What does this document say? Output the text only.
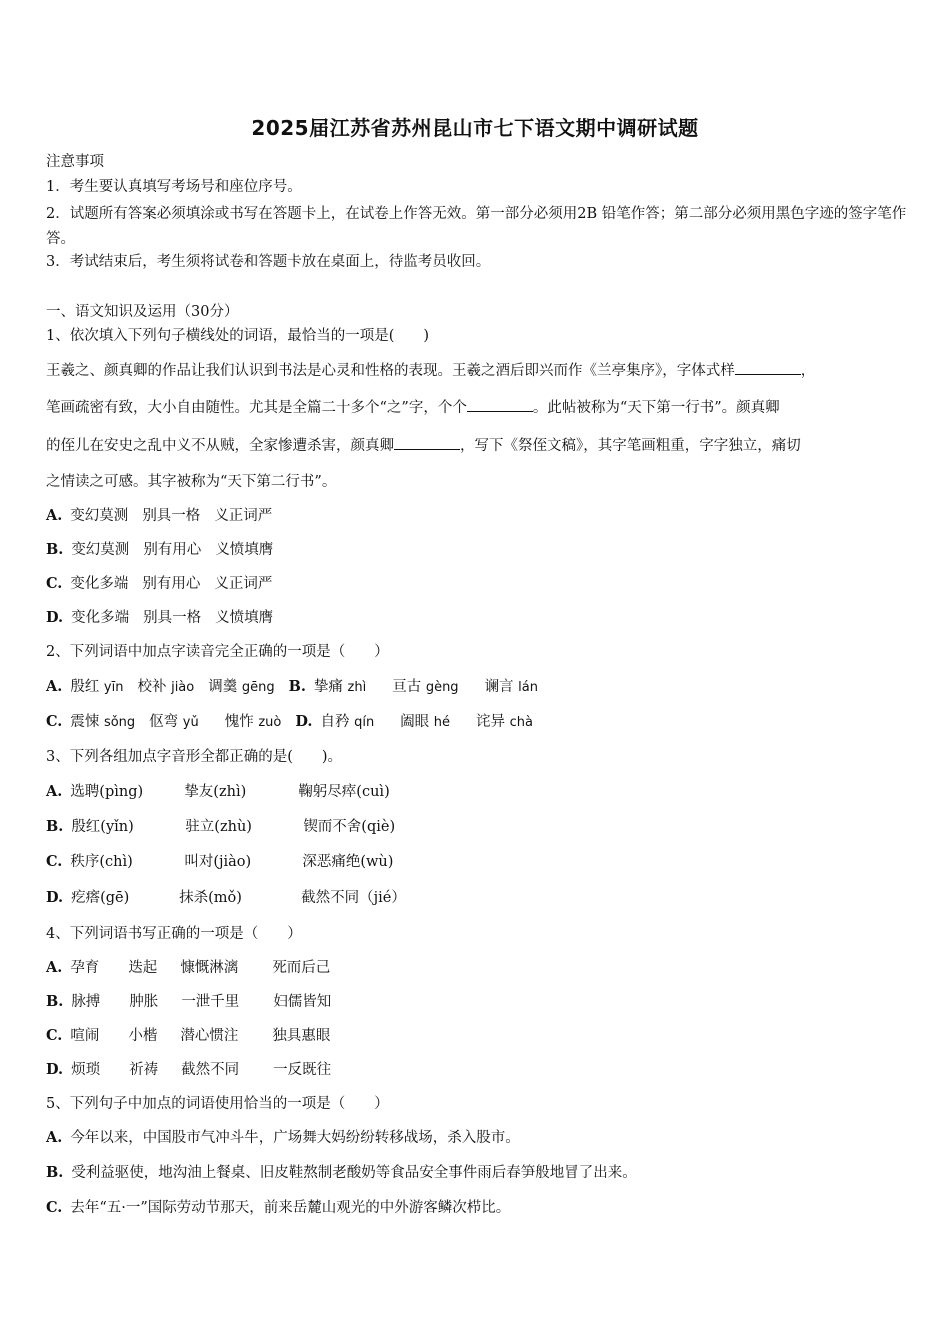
2025届江苏省苏州昆山市七下语文期中调研试题
注意事项
1．考生要认真填写考场号和座位序号。
2．试题所有答案必须填涂或书写在答题卡上，在试卷上作答无效。第一部分必须用2B 铅笔作答；第二部分必须用黑色字迹的签字笔作答。
3．考试结束后，考生须将试卷和答题卡放在桌面上，待监考员收回。
一、语文知识及运用（30分）
1、依次填入下列句子横线处的词语，最恰当的一项是(　　)
王羲之、颜真卿的作品让我们认识到书法是心灵和性格的表现。王羲之酒后即兴而作《兰亭集序》，字体式样	，
笔画疏密有致，大小自由随性。尤其是全篇二十多个“之”字，个个	。此帖被称为“天下第一行书”。颜真卿
的侄儿在安史之乱中义不从贼，全家惨遭杀害，颜真卿	，写下《祭侄文稿》，其字笔画粗重，字字独立，痛切
之情读之可感。其字被称为“天下第二行书”。
A. 变幻莫测 别具一格 义正词严
B. 变幻莫测 别有用心 义愤填膺
C. 变化多端 别有用心 义正词严
D. 变化多端 别具一格 义愤填膺
2、下列词语中加点字读音完全正确的一项是（　　）
A. 殷红 yīn 校补 jiào 调羹 gēng B. 挚痛 zhì 亘古 gèng 谰言 lán
C. 震悚 sǒng 伛弯 yǔ 愧怍 zuò D. 自矜 qín 阖眼 hé 诧异 chà
3、下列各组加点字音形全都正确的是(　　)。
A. 选聘(pìng)	挚友(zhì)	鞠躬尽瘁(cuì)
B. 殷红(yǐn)	驻立(zhù)	锲而不舍(qiè)
C. 秩序(chì)	叫对(jiào)	深恶痛绝(wù)
D. 疙瘩(gē)	抹杀(mǒ)	截然不同（jié）
4、下列词语书写正确的一项是（　　）
A. 孕育 迭起 慷慨淋漓 死而后己
B. 脉搏 肿胀 一泄千里 妇儒皆知
C. 喧闹 小楷 潜心惯注 独具惠眼
D. 烦琐 祈祷 截然不同 一反既往
5、下列句子中加点的词语使用恰当的一项是（　　）
A. 今年以来，中国股市气冲斗牛，广场舞大妈纷纷转移战场，杀入股市。
B. 受利益驱使，地沟油上餐桌、旧皮鞋熬制老酸奶等食品安全事件雨后春笋般地冒了出来。
C. 去年“五·一”国际劳动节那天，前来岳麓山观光的中外游客鳞次栉比。
